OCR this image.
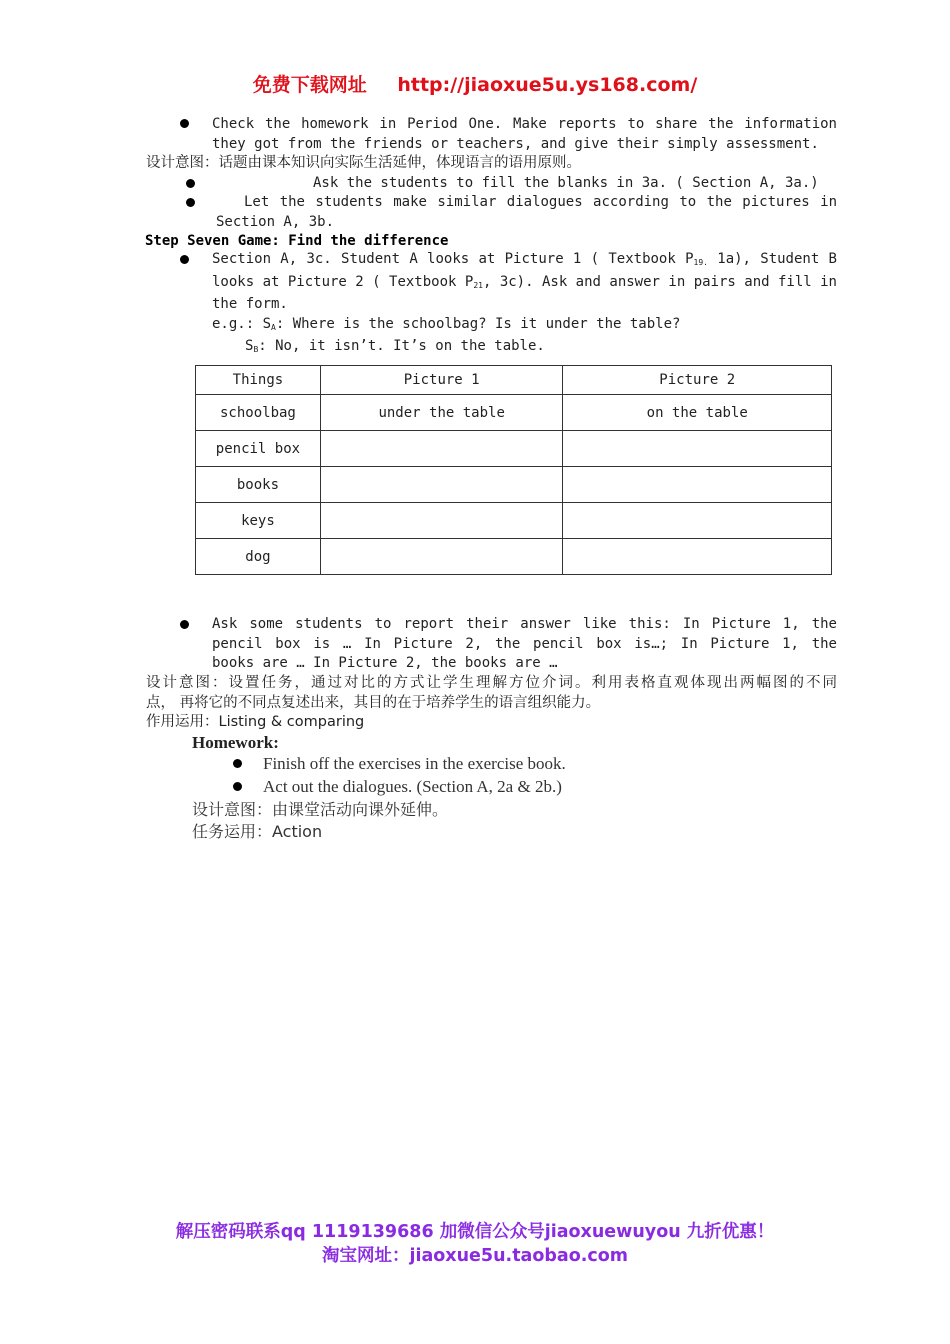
免费下载网址 http://jiaoxue5u.ys168.com/
Check the homework in Period One. Make reports to share the information
they got from the friends or teachers, and give their simply assessment.
设计意图：话题由课本知识向实际生活延伸，体现语言的语用原则。
Ask the students to fill the blanks in 3a. ( Section A, 3a.)
Let the students make similar dialogues according to the pictures in
Section A, 3b.
Step Seven Game: Find the difference
Section A, 3c. Student A looks at Picture 1 ( Textbook $P_{19.}$ 1a), Student B
looks at Picture 2 ( Textbook $P_{21}$, 3c). Ask and answer in pairs and fill in
the form.
e.g.: $S_A$: Where is the schoolbag? Is it under the table?
$S_B$: No, it isn’t. It’s on the table.
Things	Picture 1	Picture 2
schoolbag	under the table	on the table
pencil box		
books		
keys		
dog		
Ask some students to report their answer like this: In Picture 1, the
pencil box is … In Picture 2, the pencil box is…; In Picture 1, the
books are … In Picture 2, the books are …
设计意图：设置任务，通过对比的方式让学生理解方位介词。利用表格直观体现出两幅图的不同
点， 再将它的不同点复述出来，其目的在于培养学生的语言组织能力。
作用运用：Listing & comparing
Homework:
Finish off the exercises in the exercise book.
Act out the dialogues. (Section A, 2a & 2b.)
设计意图：由课堂活动向课外延伸。
任务运用：Action
解压密码联系qq 1119139686 加微信公众号jiaoxuewuyou 九折优惠！
淘宝网址：jiaoxue5u.taobao.com
